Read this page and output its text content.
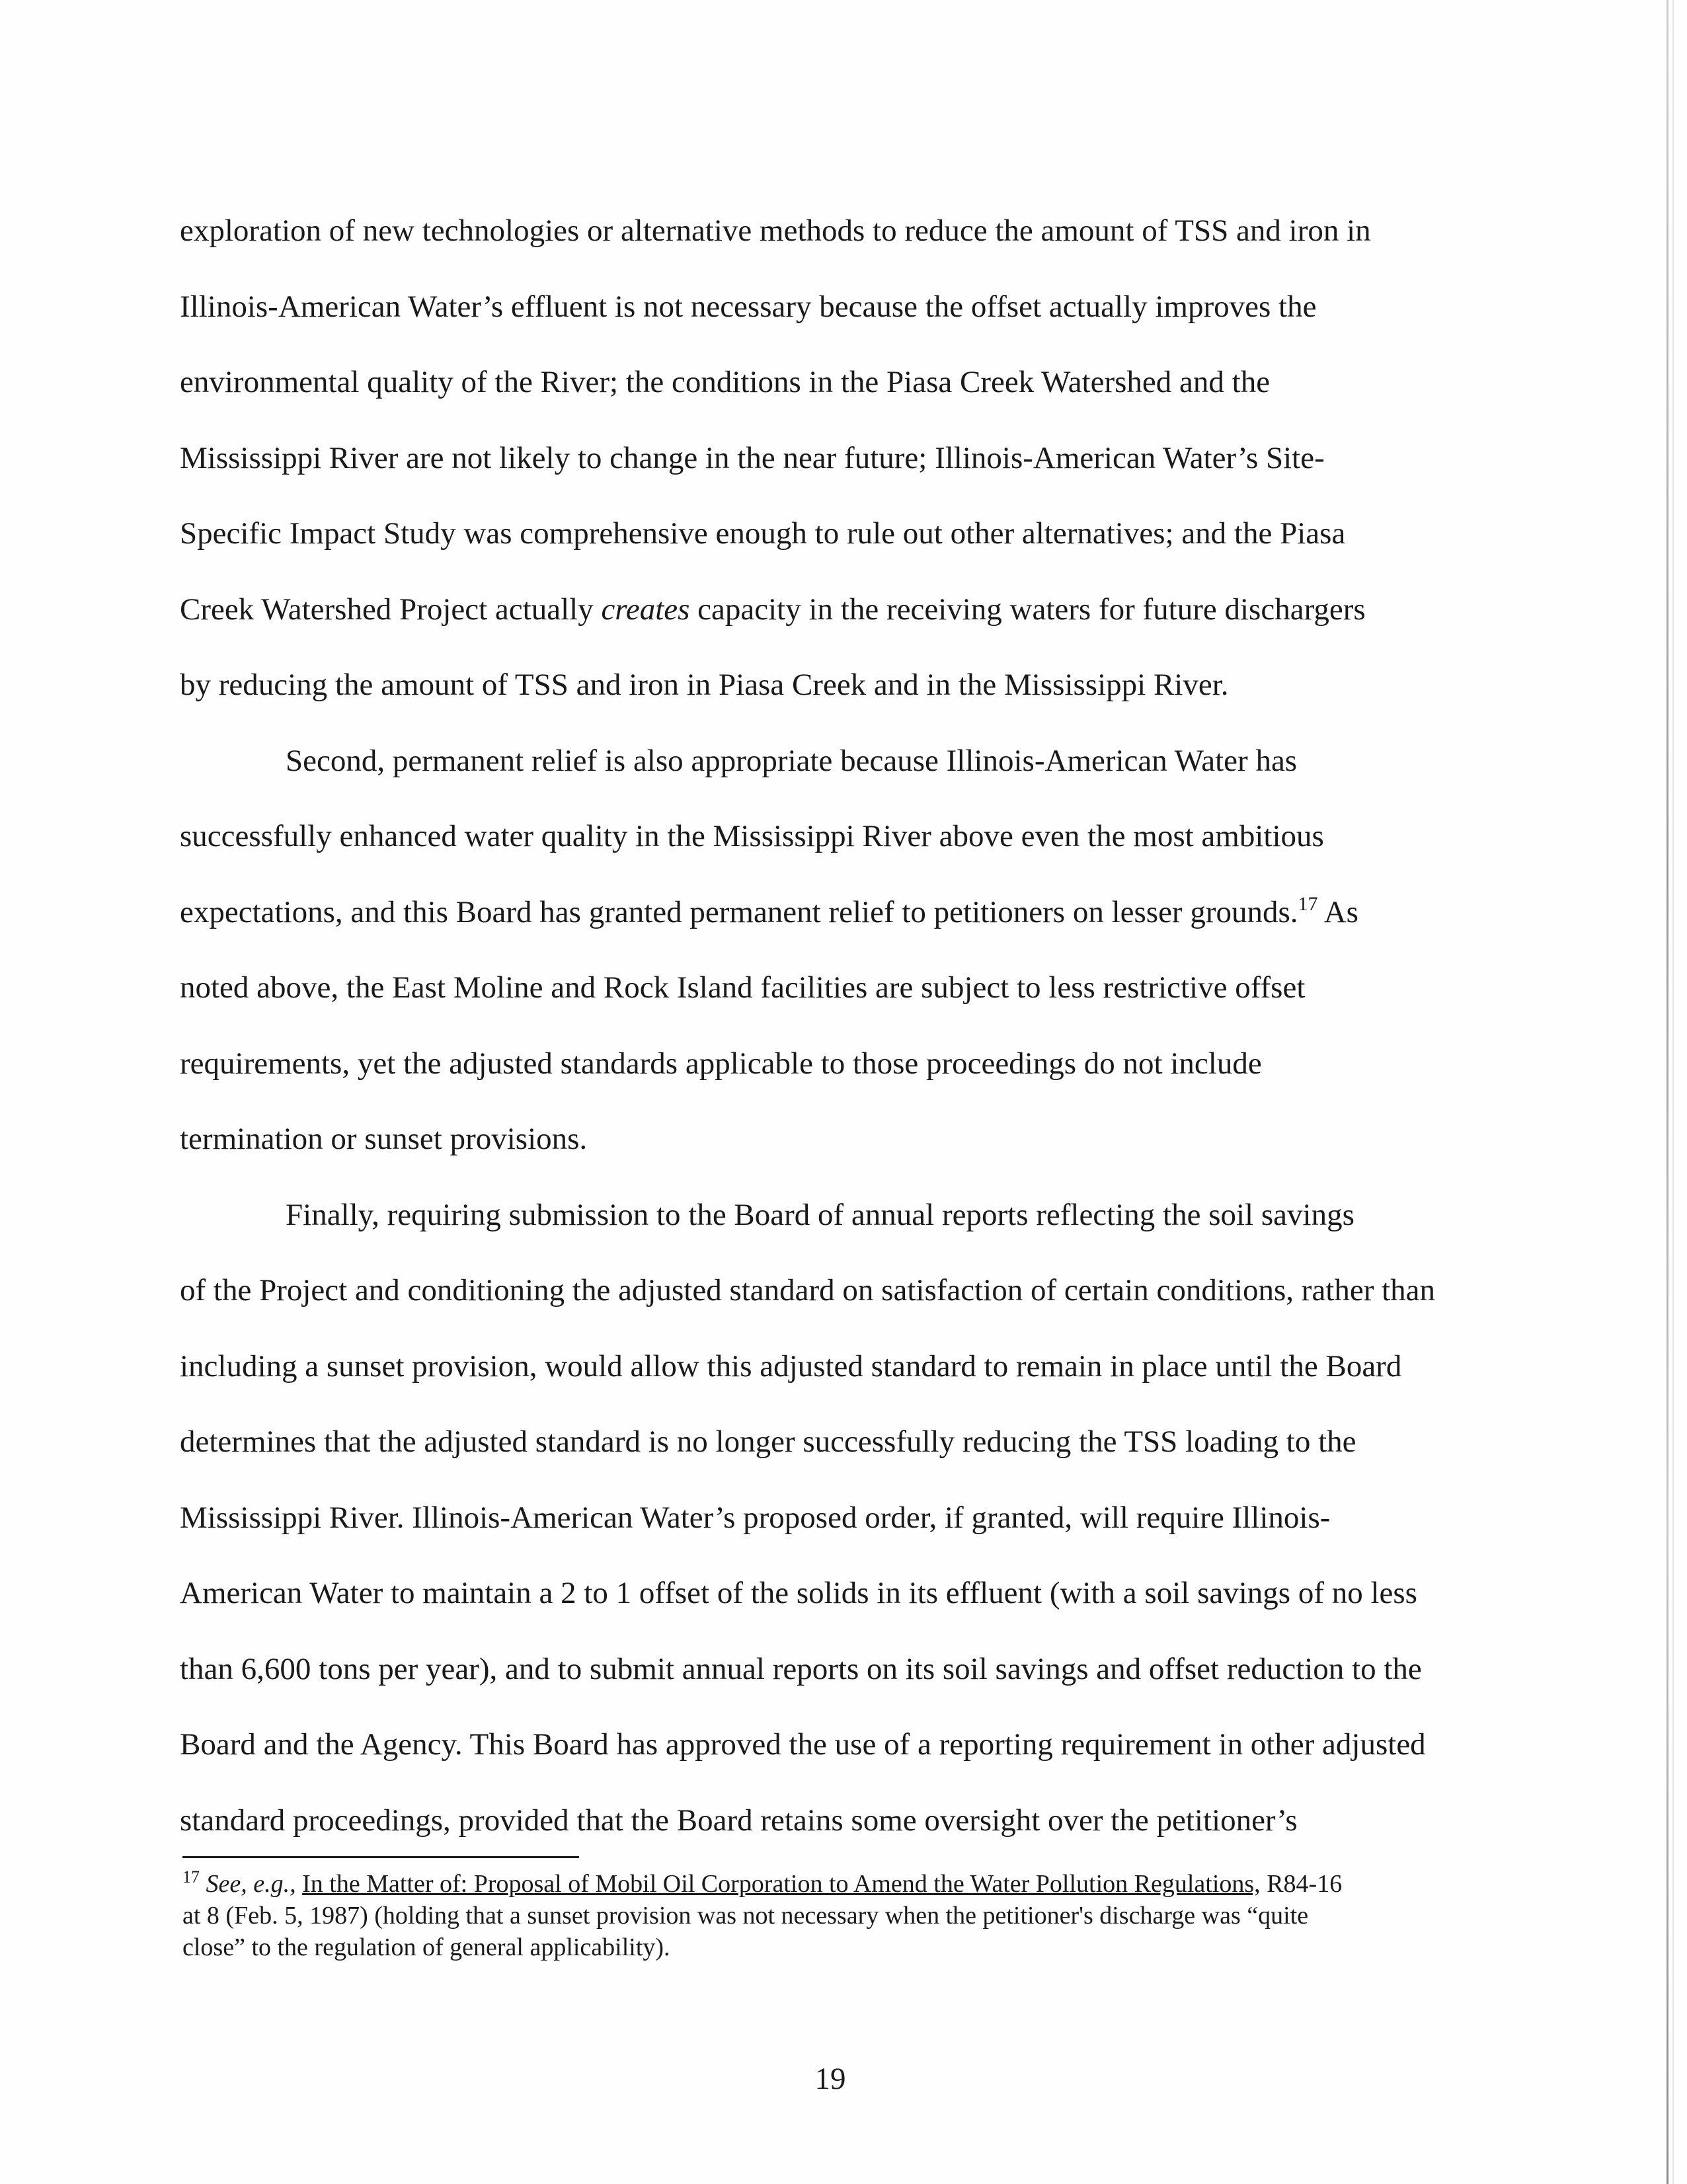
exploration of new technologies or alternative methods to reduce the amount of TSS and iron in
Illinois-American Water’s effluent is not necessary because the offset actually improves the
environmental quality of the River; the conditions in the Piasa Creek Watershed and the
Mississippi River are not likely to change in the near future; Illinois-American Water’s Site-
Specific Impact Study was comprehensive enough to rule out other alternatives; and the Piasa
Creek Watershed Project actually creates capacity in the receiving waters for future dischargers
by reducing the amount of TSS and iron in Piasa Creek and in the Mississippi River.

Second, permanent relief is also appropriate because Illinois-American Water has
successfully enhanced water quality in the Mississippi River above even the most ambitious
expectations, and this Board has granted permanent relief to petitioners on lesser grounds.$^{17}$ As
noted above, the East Moline and Rock Island facilities are subject to less restrictive offset
requirements, yet the adjusted standards applicable to those proceedings do not include
termination or sunset provisions.

Finally, requiring submission to the Board of annual reports reflecting the soil savings
of the Project and conditioning the adjusted standard on satisfaction of certain conditions, rather than
including a sunset provision, would allow this adjusted standard to remain in place until the Board
determines that the adjusted standard is no longer successfully reducing the TSS loading to the
Mississippi River. Illinois-American Water’s proposed order, if granted, will require Illinois-
American Water to maintain a 2 to 1 offset of the solids in its effluent (with a soil savings of no less
than 6,600 tons per year), and to submit annual reports on its soil savings and offset reduction to the
Board and the Agency. This Board has approved the use of a reporting requirement in other adjusted
standard proceedings, provided that the Board retains some oversight over the petitioner’s

$^{17}$ See, e.g., In the Matter of: Proposal of Mobil Oil Corporation to Amend the Water Pollution Regulations, R84-16
at 8 (Feb. 5, 1987) (holding that a sunset provision was not necessary when the petitioner's discharge was “quite
close” to the regulation of general applicability).
19
